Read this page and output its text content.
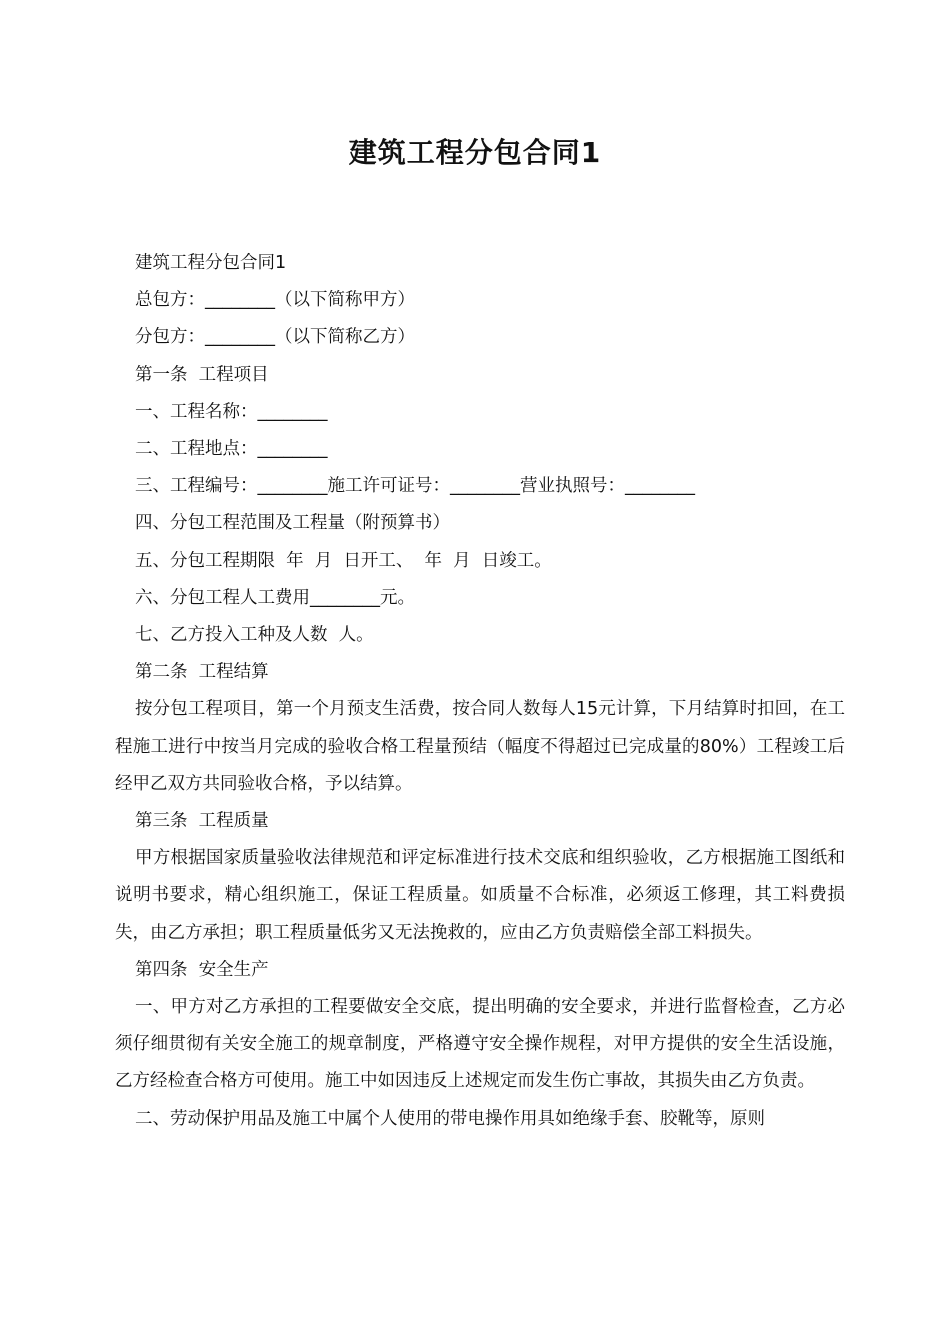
建筑工程分包合同1
建筑工程分包合同1
总包方：________（以下简称甲方）
分包方：________（以下简称乙方）
第一条  工程项目
一、工程名称：________
二、工程地点：________
三、工程编号：________施工许可证号：________营业执照号：________
四、分包工程范围及工程量（附预算书）
五、分包工程期限  年  月  日开工、  年  月  日竣工。
六、分包工程人工费用________元。
七、乙方投入工种及人数  人。
第二条  工程结算
按分包工程项目，第一个月预支生活费，按合同人数每人15元计算，下月结算时扣回，在工程施工进行中按当月完成的验收合格工程量预结（幅度不得超过已完成量的80%）工程竣工后经甲乙双方共同验收合格，予以结算。
第三条  工程质量
甲方根据国家质量验收法律规范和评定标准进行技术交底和组织验收，乙方根据施工图纸和说明书要求，精心组织施工，保证工程质量。如质量不合标准，必须返工修理，其工料费损失，由乙方承担；职工程质量低劣又无法挽救的，应由乙方负责赔偿全部工料损失。
第四条  安全生产
一、甲方对乙方承担的工程要做安全交底，提出明确的安全要求，并进行监督检查，乙方必须仔细贯彻有关安全施工的规章制度，严格遵守安全操作规程，对甲方提供的安全生活设施，乙方经检查合格方可使用。施工中如因违反上述规定而发生伤亡事故，其损失由乙方负责。
二、劳动保护用品及施工中属个人使用的带电操作用具如绝缘手套、胶靴等，原则
